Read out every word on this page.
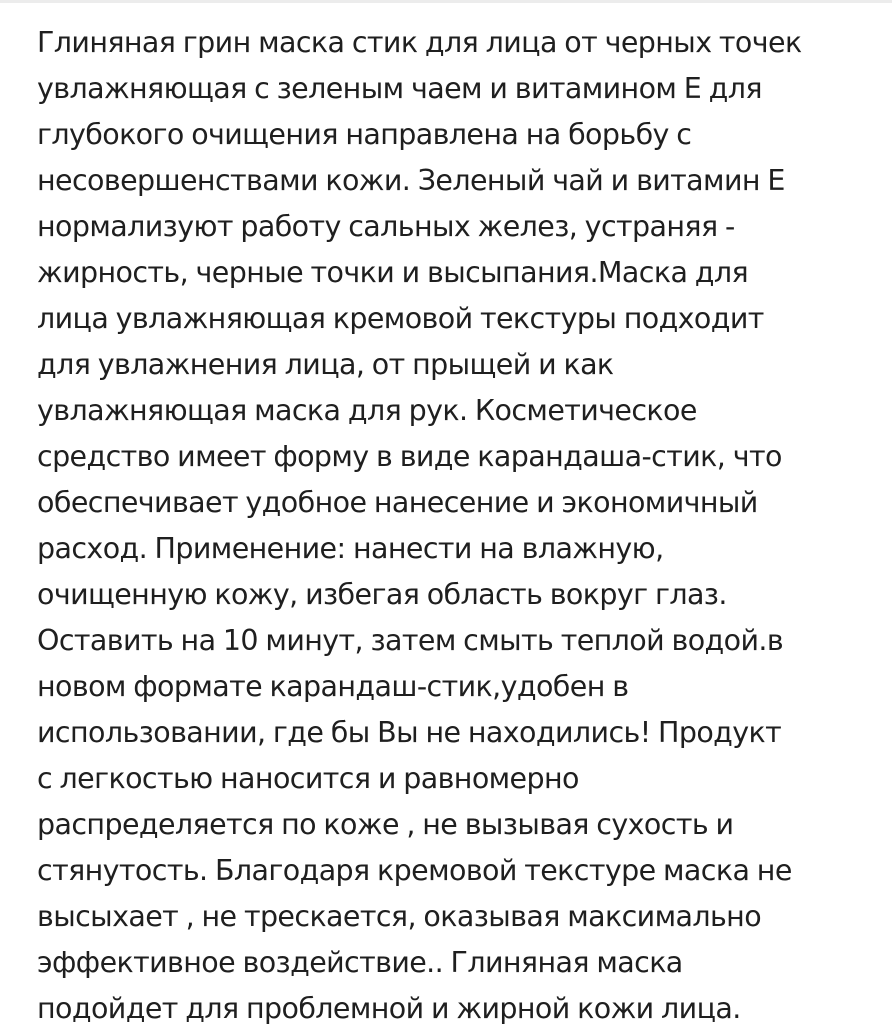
Глиняная грин маска стик для лица от черных точек
увлажняющая с зеленым чаем и витамином Е для
глубокого очищения направлена на борьбу с
несовершенствами кожи. Зеленый чай и витамин Е
нормализуют работу сальных желез, устраняя -
жирность, черные точки и высыпания.Маска для
лица увлажняющая кремовой текстуры подходит
для увлажнения лица, от прыщей и как
увлажняющая маска для рук. Косметическое
средство имеет форму в виде карандаша-стик, что
обеспечивает удобное нанесение и экономичный
расход. Применение: нанести на влажную,
очищенную кожу, избегая область вокруг глаз.
Оставить на 10 минут, затем смыть теплой водой.в
новом формате карандаш-стик,удобен в
использовании, где бы Вы не находились! Продукт
с легкостью наносится и равномерно
распределяется по коже , не вызывая сухость и
стянутость. Благодаря кремовой текстуре маска не
высыхает , не трескается, оказывая максимально
эффективное воздействие.. Глиняная маска
подойдет для проблемной и жирной кожи лица.
